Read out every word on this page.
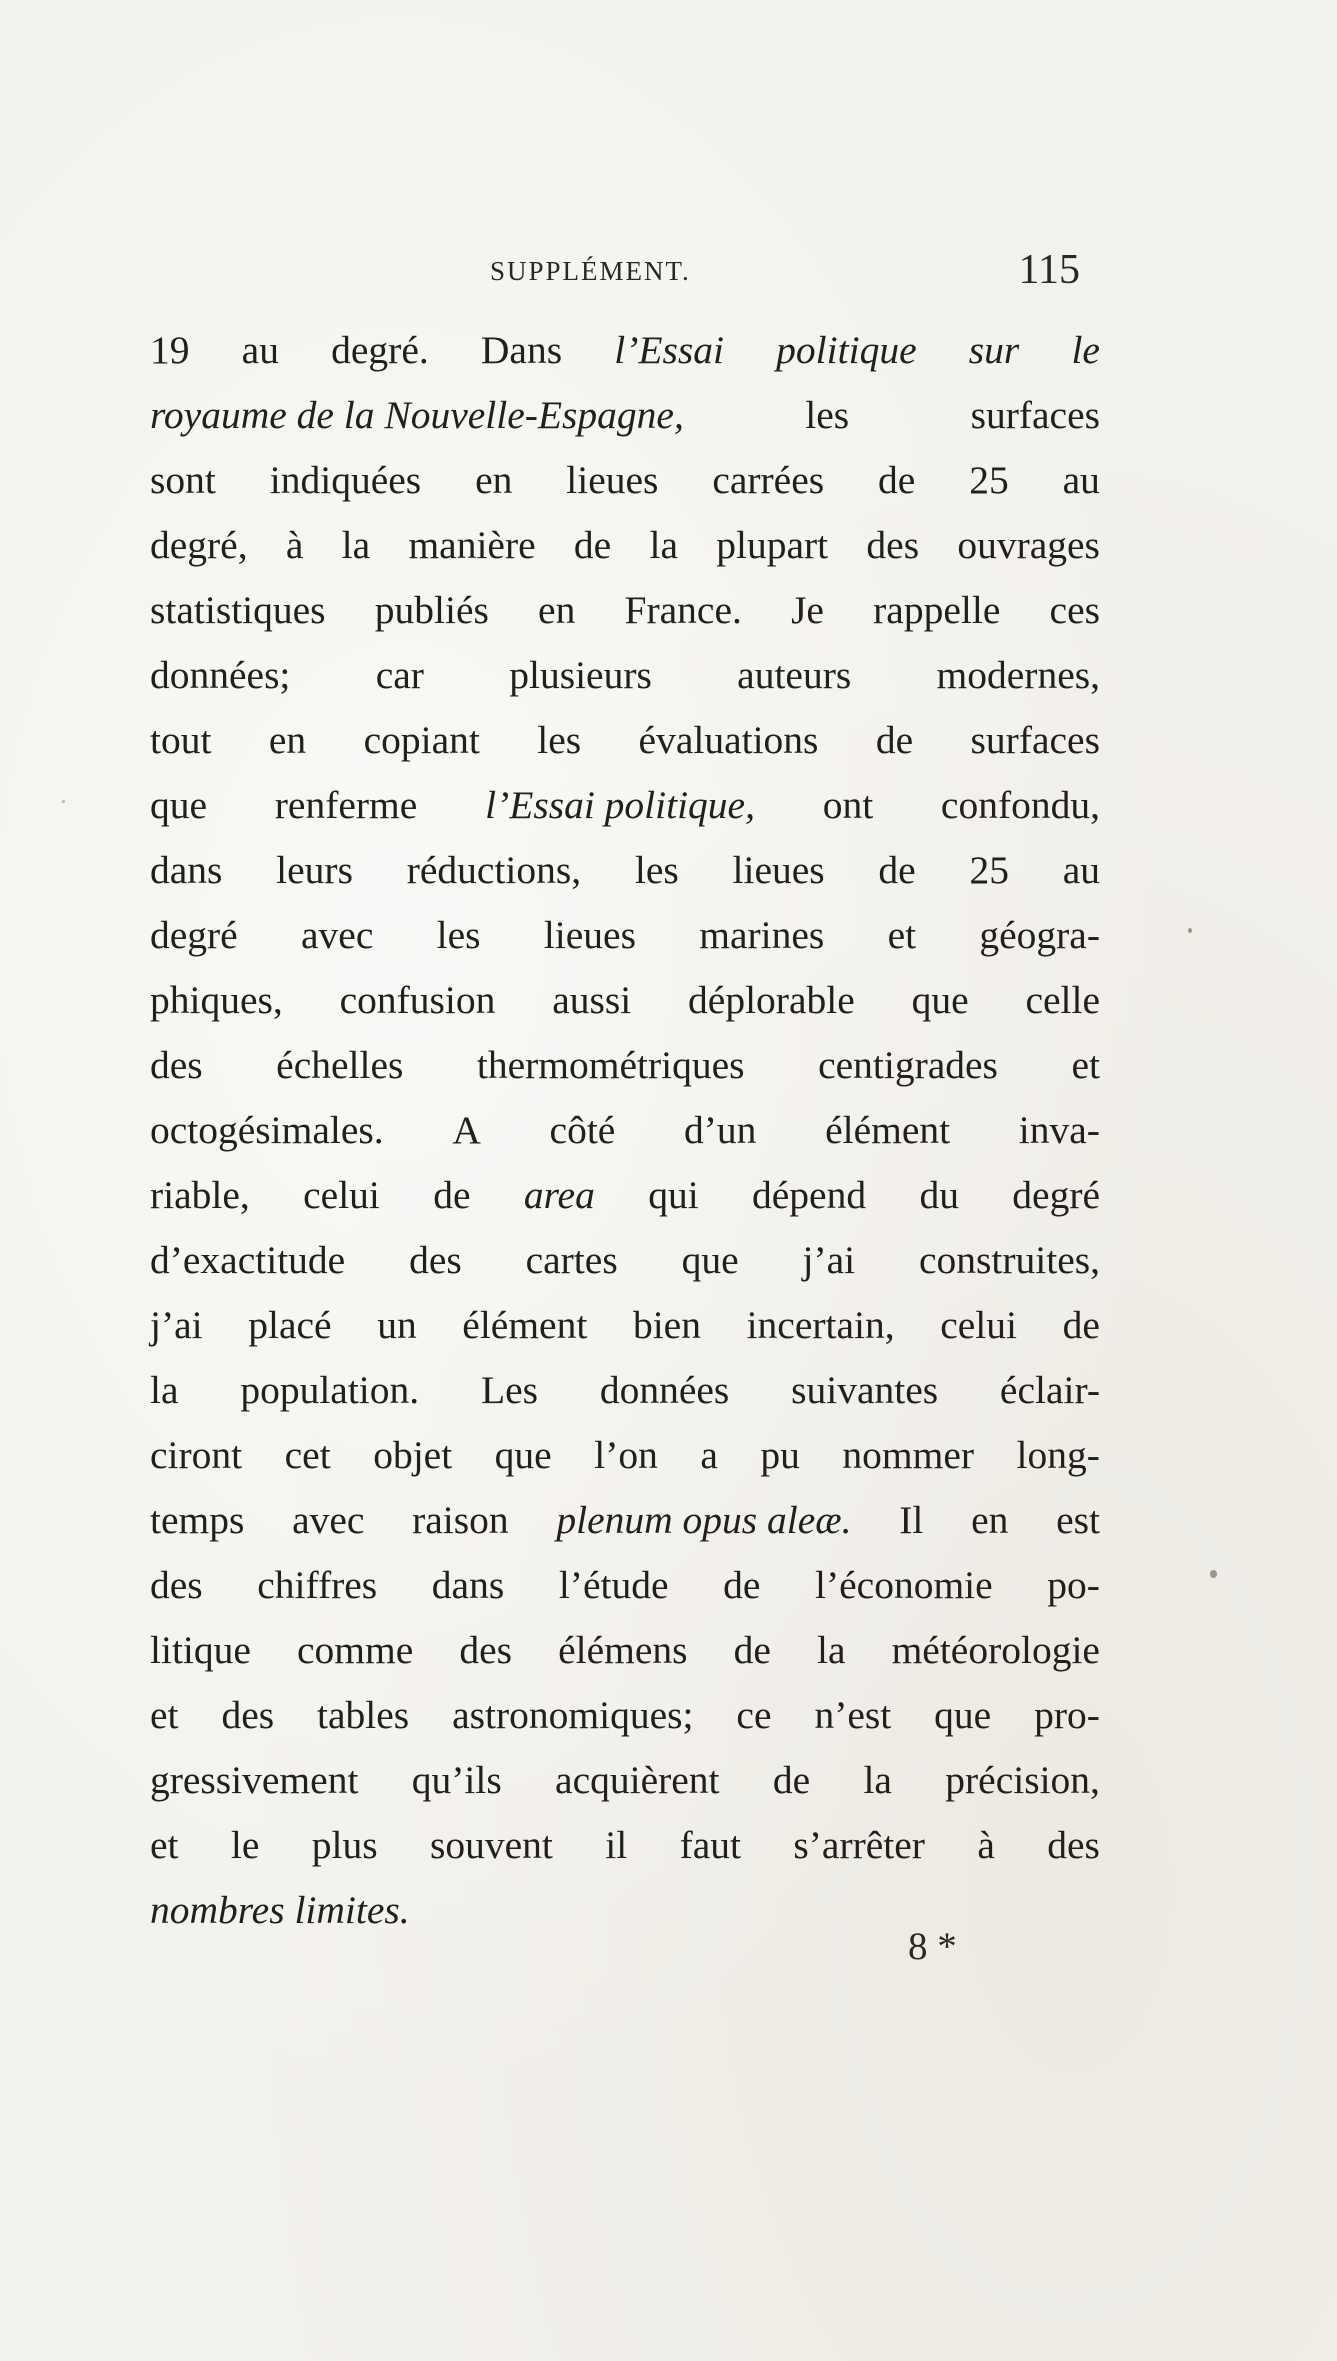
SUPPLÉMENT.	115
19 au degré. Dans l’Essai politique sur le
royaume de la Nouvelle-Espagne,	les	surfaces
sont indiquées en lieues carrées de 25 au
degré, à la manière de la plupart des ouvrages
statistiques publiés en France. Je rappelle ces
données; car plusieurs auteurs modernes,
tout en copiant les évaluations de surfaces
que renferme l’Essai politique, ont confondu,
dans leurs réductions, les lieues de 25 au
degré avec les lieues marines et géogra-
phiques, confusion aussi déplorable que celle
des échelles thermométriques centigrades et
octogésimales. A côté d’un élément inva-
riable, celui de area qui dépend du degré
d’exactitude des cartes que j’ai construites,
j’ai placé un élément bien incertain, celui de
la population. Les données suivantes éclair-
ciront cet objet que l’on a pu nommer long-
temps avec raison plenum opus aleæ. Il en est
des chiffres dans l’étude de l’économie po-
litique comme des élémens de la météorologie
et des tables astronomiques; ce n’est que pro-
gressivement qu’ils acquièrent de la précision,
et le plus souvent il faut s’arrêter à des
nombres limites.
8 *
